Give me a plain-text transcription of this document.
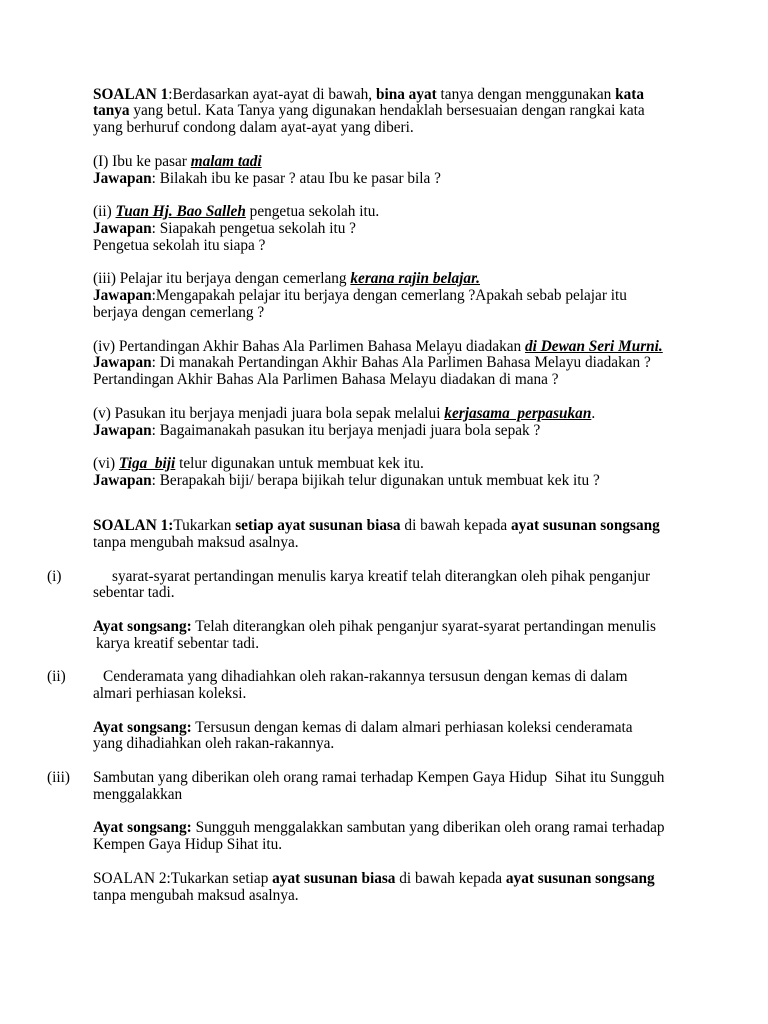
SOALAN 1:Berdasarkan ayat-ayat di bawah, bina ayat tanya dengan menggunakan kata
tanya yang betul. Kata Tanya yang digunakan hendaklah bersesuaian dengan rangkai kata
yang berhuruf condong dalam ayat-ayat yang diberi.
(I) Ibu ke pasar malam tadi
Jawapan: Bilakah ibu ke pasar ? atau Ibu ke pasar bila ?
(ii) Tuan Hj. Bao Salleh pengetua sekolah itu.
Jawapan: Siapakah pengetua sekolah itu ?
Pengetua sekolah itu siapa ?
(iii) Pelajar itu berjaya dengan cemerlang kerana rajin belajar.
Jawapan:Mengapakah pelajar itu berjaya dengan cemerlang ?Apakah sebab pelajar itu
berjaya dengan cemerlang ?
(iv) Pertandingan Akhir Bahas Ala Parlimen Bahasa Melayu diadakan di Dewan Seri Murni.
Jawapan: Di manakah Pertandingan Akhir Bahas Ala Parlimen Bahasa Melayu diadakan ?
Pertandingan Akhir Bahas Ala Parlimen Bahasa Melayu diadakan di mana ?
(v) Pasukan itu berjaya menjadi juara bola sepak melalui kerjasama  perpasukan.
Jawapan: Bagaimanakah pasukan itu berjaya menjadi juara bola sepak ?
(vi) Tiga  biji telur digunakan untuk membuat kek itu.
Jawapan: Berapakah biji/ berapa bijikah telur digunakan untuk membuat kek itu ?
SOALAN 1:Tukarkan setiap ayat susunan biasa di bawah kepada ayat susunan songsang
tanpa mengubah maksud asalnya.
(i)	syarat-syarat pertandingan menulis karya kreatif telah diterangkan oleh pihak penganjur
sebentar tadi.
Ayat songsang: Telah diterangkan oleh pihak penganjur syarat-syarat pertandingan menulis
karya kreatif sebentar tadi.
(ii) Cenderamata yang dihadiahkan oleh rakan-rakannya tersusun dengan kemas di dalam
almari perhiasan koleksi.
Ayat songsang: Tersusun dengan kemas di dalam almari perhiasan koleksi cenderamata
yang dihadiahkan oleh rakan-rakannya.
(iii) Sambutan yang diberikan oleh orang ramai terhadap Kempen Gaya Hidup  Sihat itu Sungguh
menggalakkan
Ayat songsang: Sungguh menggalakkan sambutan yang diberikan oleh orang ramai terhadap
Kempen Gaya Hidup Sihat itu.
SOALAN 2:Tukarkan setiap ayat susunan biasa di bawah kepada ayat susunan songsang
tanpa mengubah maksud asalnya.
